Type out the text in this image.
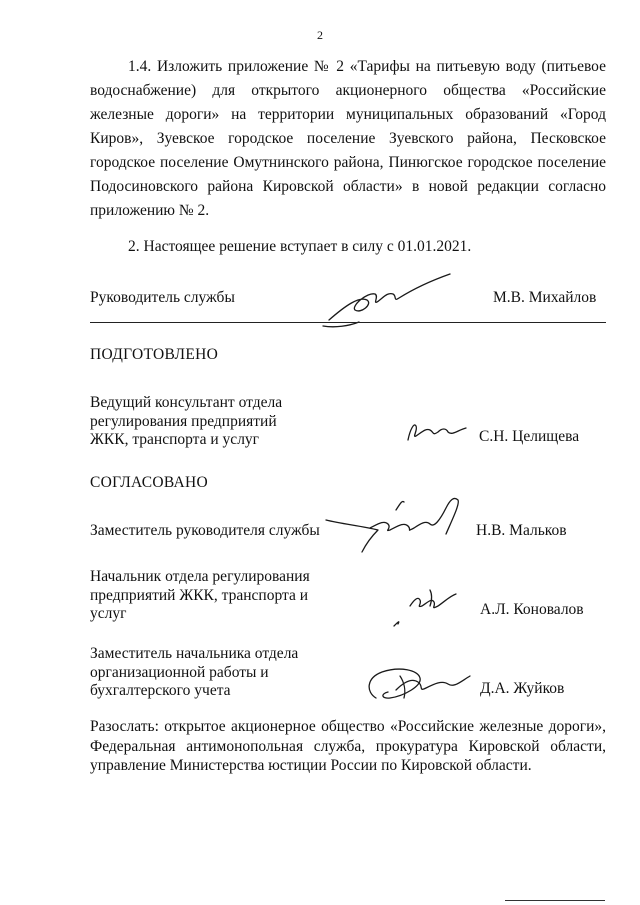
2
1.4. Изложить приложение № 2 «Тарифы на питьевую воду (питьевое водоснабжение) для открытого акционерного общества «Российские железные дороги» на территории муниципальных образований «Город Киров», Зуевское городское поселение Зуевского района, Песковское городское поселение Омутнинского района, Пинюгское городское поселение Подосиновского района Кировской области» в новой редакции согласно приложению № 2.
2. Настоящее решение вступает в силу с 01.01.2021.
Руководитель службы	М.В. Михайлов
ПОДГОТОВЛЕНО
Ведущий консультант отдела
регулирования предприятий
ЖКК, транспорта и услуг	С.Н. Целищева
СОГЛАСОВАНО
Заместитель руководителя службы	Н.В. Мальков
Начальник отдела регулирования
предприятий ЖКК, транспорта и
услуг	А.Л. Коновалов
Заместитель начальника отдела
организационной работы и
бухгалтерского учета	Д.А. Жуйков
Разослать: открытое акционерное общество «Российские железные дороги», Федеральная антимонопольная служба, прокуратура Кировской области, управление Министерства юстиции России по Кировской области.
